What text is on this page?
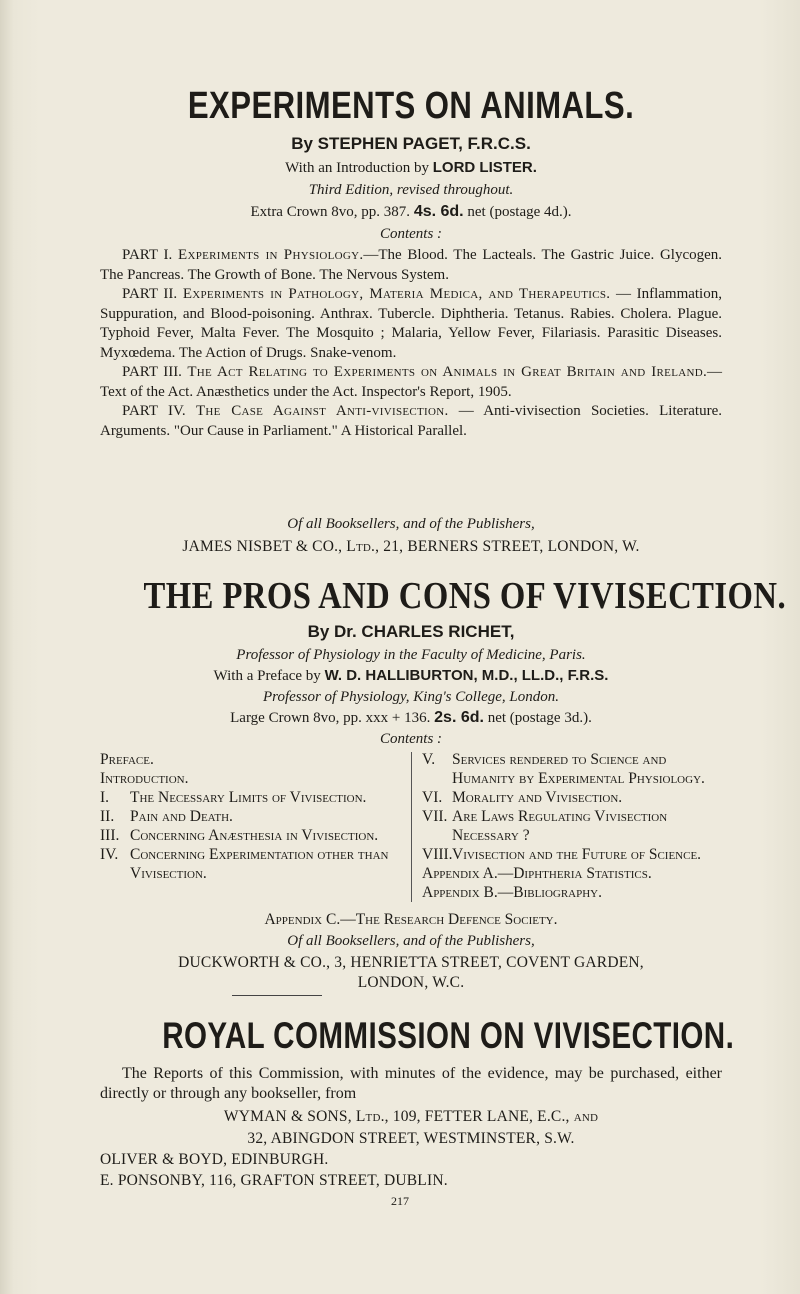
EXPERIMENTS ON ANIMALS.
By STEPHEN PAGET, F.R.C.S.
With an Introduction by LORD LISTER.
Third Edition, revised throughout.
Extra Crown 8vo, pp. 387. 4s. 6d. net (postage 4d.).
Contents :
PART I. Experiments in Physiology.—The Blood. The Lacteals. The Gastric Juice. Glycogen. The Pancreas. The Growth of Bone. The Nervous System.
PART II. Experiments in Pathology, Materia Medica, and Therapeutics. — Inflammation, Suppuration, and Blood-poisoning. Anthrax. Tubercle. Diphtheria. Tetanus. Rabies. Cholera. Plague. Typhoid Fever, Malta Fever. The Mosquito ; Malaria, Yellow Fever, Filariasis. Parasitic Diseases. Myxœdema. The Action of Drugs. Snake-venom.
PART III. The Act Relating to Experiments on Animals in Great Britain and Ireland.—Text of the Act. Anæsthetics under the Act. Inspector's Report, 1905.
PART IV. The Case Against Anti-vivisection. — Anti-vivisection Societies. Literature. Arguments. "Our Cause in Parliament." A Historical Parallel.
Of all Booksellers, and of the Publishers,
JAMES NISBET & CO., Ltd., 21, BERNERS STREET, LONDON, W.
THE PROS AND CONS OF VIVISECTION.
By Dr. CHARLES RICHET,
Professor of Physiology in the Faculty of Medicine, Paris.
With a Preface by W. D. HALLIBURTON, M.D., LL.D., F.R.S.
Professor of Physiology, King's College, London.
Large Crown 8vo, pp. xxx + 136. 2s. 6d. net (postage 3d.).
Contents :
Preface.
Introduction.
I.	The Necessary Limits of Vivisection.
II.	Pain and Death.
III. Concerning Anæsthesia in Vivisection.
IV. Concerning Experimentation other than Vivisection.
V.	Services rendered to Science and Humanity by Experimental Physiology.
VI. Morality and Vivisection.
VII. Are Laws Regulating Vivisection Necessary ?
VIII. Vivisection and the Future of Science.
Appendix A.—Diphtheria Statistics.
Appendix B.—Bibliography.
Appendix C.—The Research Defence Society.
Of all Booksellers, and of the Publishers,
DUCKWORTH & CO., 3, HENRIETTA STREET, COVENT GARDEN,
LONDON, W.C.
ROYAL COMMISSION ON VIVISECTION.
The Reports of this Commission, with minutes of the evidence, may be purchased, either directly or through any bookseller, from
WYMAN & SONS, Ltd., 109, FETTER LANE, E.C., and
32, ABINGDON STREET, WESTMINSTER, S.W.
OLIVER & BOYD, EDINBURGH.
E. PONSONBY, 116, GRAFTON STREET, DUBLIN.
217
